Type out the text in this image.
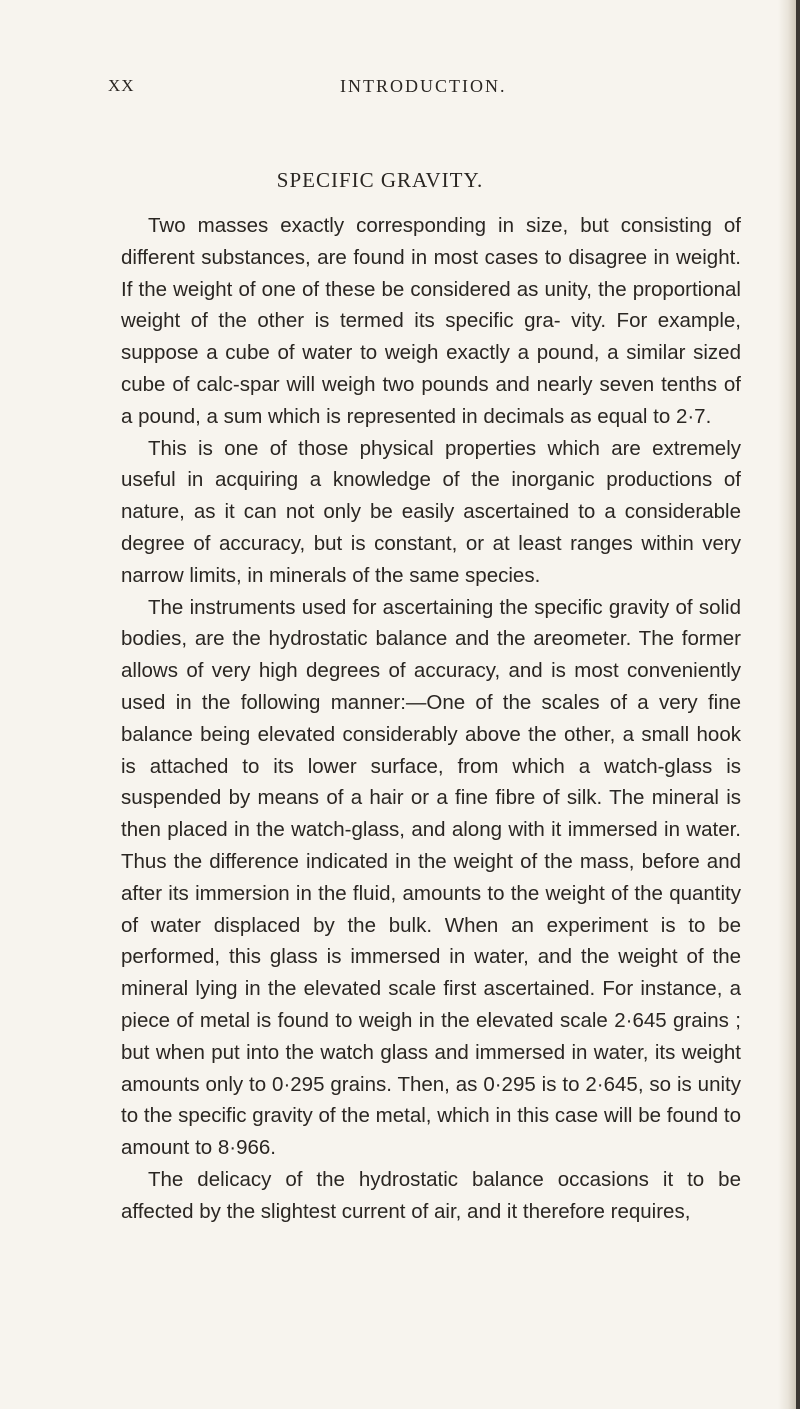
XX	INTRODUCTION.
SPECIFIC GRAVITY.

Two masses exactly corresponding in size, but consisting of different substances, are found in most cases to disagree in weight. If the weight of one of these be considered as unity, the proportional weight of the other is termed its specific gra- vity. For example, suppose a cube of water to weigh exactly a pound, a similar sized cube of calc-spar will weigh two pounds and nearly seven tenths of a pound, a sum which is represented in decimals as equal to 2·7.

This is one of those physical properties which are extremely useful in acquiring a knowledge of the inorganic productions of nature, as it can not only be easily ascertained to a considerable degree of accuracy, but is constant, or at least ranges within very narrow limits, in minerals of the same species.

The instruments used for ascertaining the specific gravity of solid bodies, are the hydrostatic balance and the areometer. The former allows of very high degrees of accuracy, and is most conveniently used in the following manner:—One of the scales of a very fine balance being elevated considerably above the other, a small hook is attached to its lower surface, from which a watch-glass is suspended by means of a hair or a fine fibre of silk. The mineral is then placed in the watch-glass, and along with it immersed in water. Thus the difference indicated in the weight of the mass, before and after its immersion in the fluid, amounts to the weight of the quantity of water displaced by the bulk. When an experiment is to be performed, this glass is immersed in water, and the weight of the mineral lying in the elevated scale first ascertained. For instance, a piece of metal is found to weigh in the elevated scale 2·645 grains ; but when put into the watch glass and immersed in water, its weight amounts only to 0·295 grains. Then, as 0·295 is to 2·645, so is unity to the specific gravity of the metal, which in this case will be found to amount to 8·966.

The delicacy of the hydrostatic balance occasions it to be affected by the slightest current of air, and it therefore requires,
